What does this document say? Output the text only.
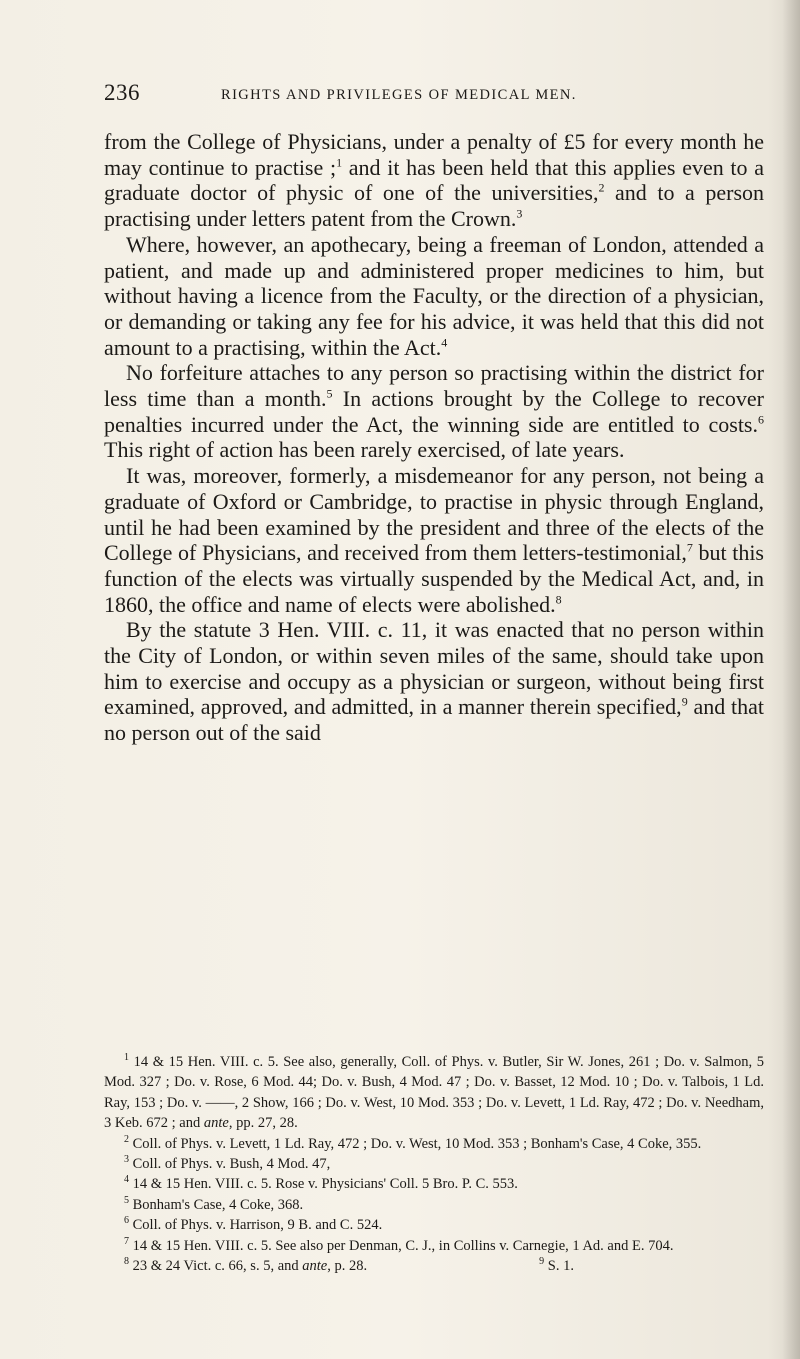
236	RIGHTS AND PRIVILEGES OF MEDICAL MEN.

from the College of Physicians, under a penalty of £5 for every month he may continue to practise ;$^1$ and it has been held that this applies even to a graduate doctor of physic of one of the universities,$^2$ and to a person practising under letters patent from the Crown.$^3$

Where, however, an apothecary, being a freeman of London, attended a patient, and made up and administered proper medicines to him, but without having a licence from the Faculty, or the direction of a physician, or demanding or taking any fee for his advice, it was held that this did not amount to a practising, within the Act.$^4$

No forfeiture attaches to any person so practising within the district for less time than a month.$^5$ In actions brought by the College to recover penalties incurred under the Act, the winning side are entitled to costs.$^6$ This right of action has been rarely exercised, of late years.

It was, moreover, formerly, a misdemeanor for any person, not being a graduate of Oxford or Cambridge, to practise in physic through England, until he had been examined by the president and three of the elects of the College of Physicians, and received from them letters-testimonial,$^7$ but this function of the elects was virtually suspended by the Medical Act, and, in 1860, the office and name of elects were abolished.$^8$

By the statute 3 Hen. VIII. c. 11, it was enacted that no person within the City of London, or within seven miles of the same, should take upon him to exercise and occupy as a physician or surgeon, without being first examined, approved, and admitted, in a manner therein specified,$^9$ and that no person out of the said

$^1$ 14 & 15 Hen. VIII. c. 5. See also, generally, Coll. of Phys. v. Butler, Sir W. Jones, 261 ; Do. v. Salmon, 5 Mod. 327 ; Do. v. Rose, 6 Mod. 44; Do. v. Bush, 4 Mod. 47 ; Do. v. Basset, 12 Mod. 10 ; Do. v. Talbois, 1 Ld. Ray, 153 ; Do. v. ——, 2 Show, 166 ; Do. v. West, 10 Mod. 353 ; Do. v. Levett, 1 Ld. Ray, 472 ; Do. v. Needham, 3 Keb. 672 ; and ante, pp. 27, 28.

$^2$ Coll. of Phys. v. Levett, 1 Ld. Ray, 472 ; Do. v. West, 10 Mod. 353 ; Bonham's Case, 4 Coke, 355.

$^3$ Coll. of Phys. v. Bush, 4 Mod. 47,

$^4$ 14 & 15 Hen. VIII. c. 5. Rose v. Physicians' Coll. 5 Bro. P. C. 553.

$^5$ Bonham's Case, 4 Coke, 368.

$^6$ Coll. of Phys. v. Harrison, 9 B. and C. 524.

$^7$ 14 & 15 Hen. VIII. c. 5. See also per Denman, C. J., in Collins v. Carnegie, 1 Ad. and E. 704.

$^8$ 23 & 24 Vict. c. 66, s. 5, and ante, p. 28.	$^9$ S. 1.
